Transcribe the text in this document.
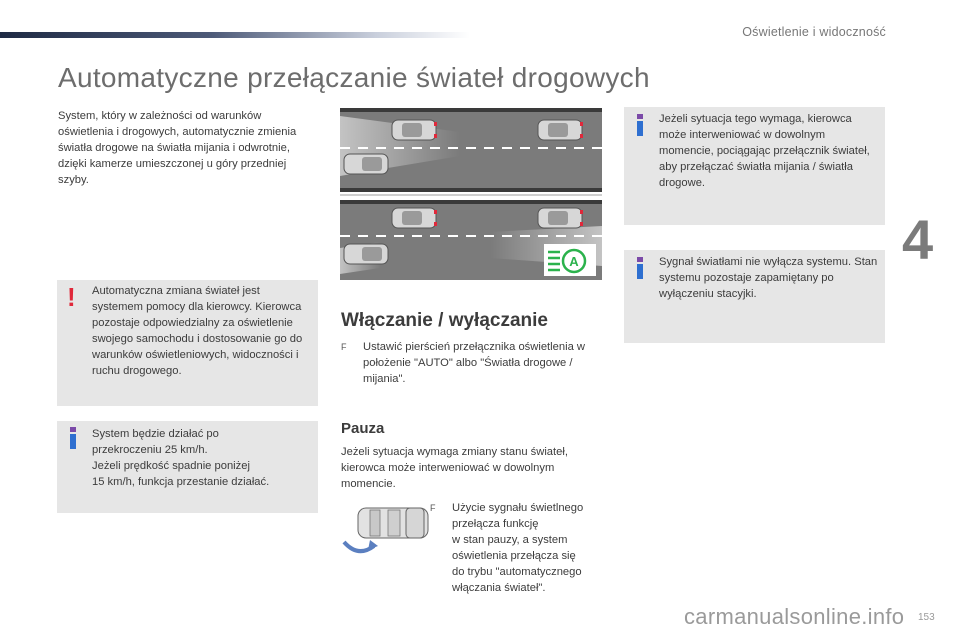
Oświetlenie i widoczność
4
Automatyczne przełączanie świateł drogowych

System, który w zależności od warunków oświetlenia i drogowych, automatycznie zmienia światła drogowe na światła mijania i odwrotnie, dzięki kamerze umieszczonej u góry przedniej szyby.

! Automatyczna zmiana świateł jest systemem pomocy dla kierowcy. Kierowca pozostaje odpowiedzialny za oświetlenie swojego samochodu i dostosowanie go do warunków oświetleniowych, widoczności i ruchu drogowego.
System będzie działać po
przekroczeniu 25 km/h.
Jeżeli prędkość spadnie poniżej
15 km/h, funkcja przestanie działać.
A
Włączanie / wyłączanie
F Ustawić pierścień przełącznika oświetlenia w położenie "AUTO" albo "Światła drogowe / mijania".
Pauza

Jeżeli sytuacja wymaga zmiany stanu świateł, kierowca może interweniować w dowolnym momencie.

F Użycie sygnału świetlnego
przełącza funkcję
w stan pauzy, a system
oświetlenia przełącza się
do trybu "automatycznego
włączania świateł".
Jeżeli sytuacja tego wymaga, kierowca może interweniować w dowolnym momencie, pociągając przełącznik świateł, aby przełączać światła mijania / światła drogowe.
Sygnał światłami nie wyłącza systemu. Stan systemu pozostaje zapamiętany po wyłączeniu stacyjki.
carmanualsonline.info 153
